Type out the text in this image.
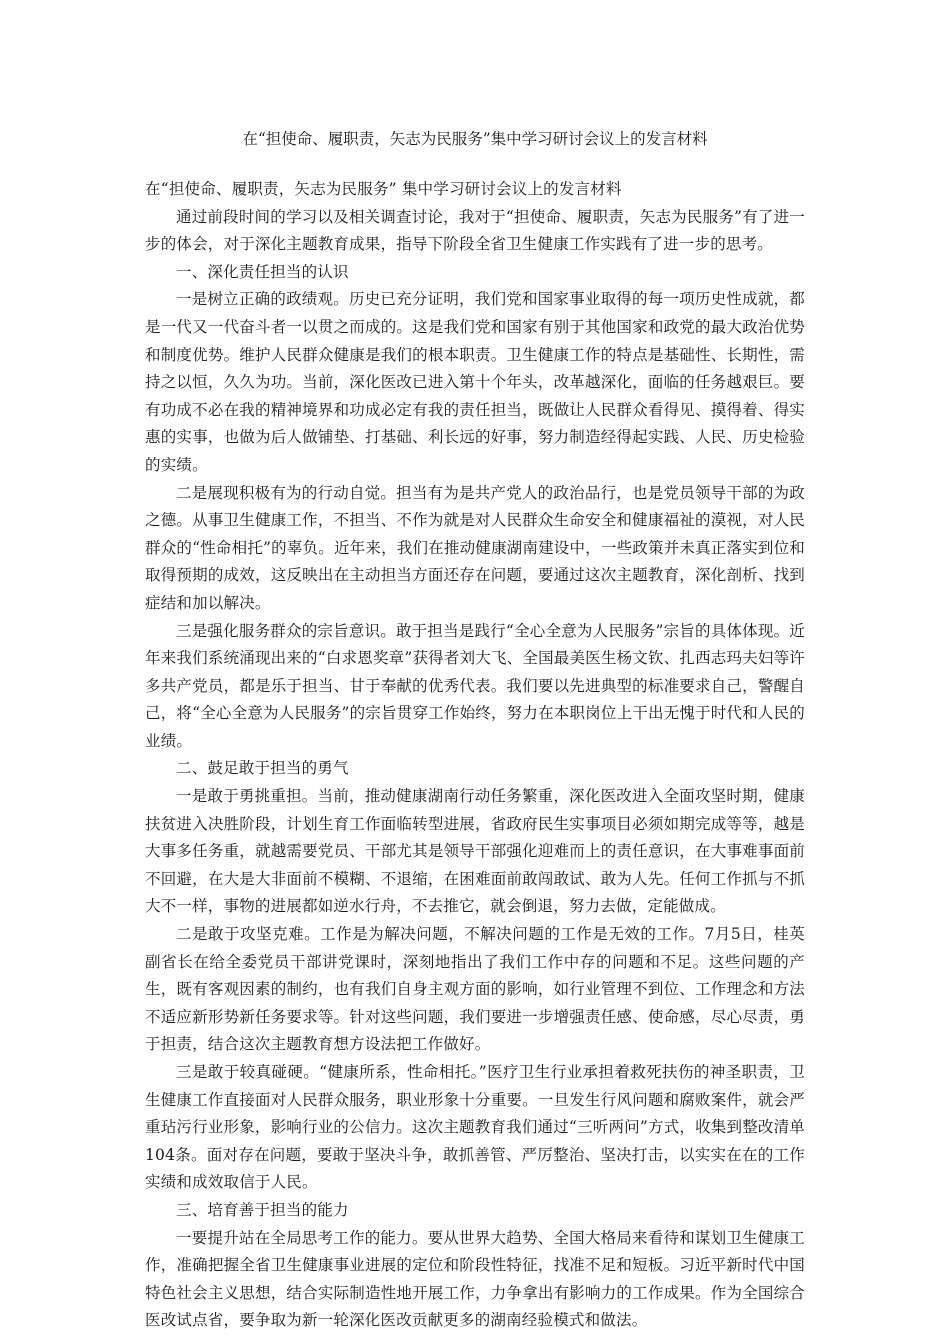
在“担使命、履职责，矢志为民服务”集中学习研讨会议上的发言材料

在“担使命、履职责，矢志为民服务” 集中学习研讨会议上的发言材料

通过前段时间的学习以及相关调查讨论，我对于“担使命、履职责，矢志为民服务”有了进一步的体会，对于深化主题教育成果，指导下阶段全省卫生健康工作实践有了进一步的思考。

一、深化责任担当的认识

一是树立正确的政绩观。历史已充分证明，我们党和国家事业取得的每一项历史性成就，都是一代又一代奋斗者一以贯之而成的。这是我们党和国家有别于其他国家和政党的最大政治优势和制度优势。维护人民群众健康是我们的根本职责。卫生健康工作的特点是基础性、长期性，需持之以恒，久久为功。当前，深化医改已进入第十个年头，改革越深化，面临的任务越艰巨。要有功成不必在我的精神境界和功成必定有我的责任担当，既做让人民群众看得见、摸得着、得实惠的实事，也做为后人做铺垫、打基础、利长远的好事，努力制造经得起实践、人民、历史检验的实绩。

二是展现积极有为的行动自觉。担当有为是共产党人的政治品行，也是党员领导干部的为政之德。从事卫生健康工作，不担当、不作为就是对人民群众生命安全和健康福祉的漠视，对人民群众的“性命相托”的辜负。近年来，我们在推动健康湖南建设中，一些政策并未真正落实到位和取得预期的成效，这反映出在主动担当方面还存在问题，要通过这次主题教育，深化剖析、找到症结和加以解决。

三是强化服务群众的宗旨意识。敢于担当是践行“全心全意为人民服务”宗旨的具体体现。近年来我们系统涌现出来的“白求恩奖章”获得者刘大飞、全国最美医生杨文钦、扎西志玛夫妇等许多共产党员，都是乐于担当、甘于奉献的优秀代表。我们要以先进典型的标准要求自己，警醒自己，将“全心全意为人民服务”的宗旨贯穿工作始终，努力在本职岗位上干出无愧于时代和人民的业绩。

二、鼓足敢于担当的勇气

一是敢于勇挑重担。当前，推动健康湖南行动任务繁重，深化医改进入全面攻坚时期，健康扶贫进入决胜阶段，计划生育工作面临转型进展，省政府民生实事项目必须如期完成等等，越是大事多任务重，就越需要党员、干部尤其是领导干部强化迎难而上的责任意识，在大事难事面前不回避，在大是大非面前不模糊、不退缩，在困难面前敢闯敢试、敢为人先。任何工作抓与不抓大不一样，事物的进展都如逆水行舟，不去推它，就会倒退，努力去做，定能做成。

二是敢于攻坚克难。工作是为解决问题，不解决问题的工作是无效的工作。7月5日，桂英副省长在给全委党员干部讲党课时，深刻地指出了我们工作中存的问题和不足。这些问题的产生，既有客观因素的制约，也有我们自身主观方面的影响，如行业管理不到位、工作理念和方法不适应新形势新任务要求等。针对这些问题，我们要进一步增强责任感、使命感，尽心尽责，勇于担责，结合这次主题教育想方设法把工作做好。

三是敢于较真碰硬。“健康所系，性命相托。”医疗卫生行业承担着救死扶伤的神圣职责，卫生健康工作直接面对人民群众服务，职业形象十分重要。一旦发生行风问题和腐败案件，就会严重玷污行业形象，影响行业的公信力。这次主题教育我们通过“三听两问”方式，收集到整改清单104条。面对存在问题，要敢于坚决斗争，敢抓善管、严厉整治、坚决打击，以实实在在的工作实绩和成效取信于人民。

三、培育善于担当的能力

一要提升站在全局思考工作的能力。要从世界大趋势、全国大格局来看待和谋划卫生健康工作，准确把握全省卫生健康事业进展的定位和阶段性特征，找准不足和短板。习近平新时代中国特色社会主义思想，结合实际制造性地开展工作，力争拿出有影响力的工作成果。作为全国综合医改试点省，要争取为新一轮深化医改贡献更多的湖南经验模式和做法。
